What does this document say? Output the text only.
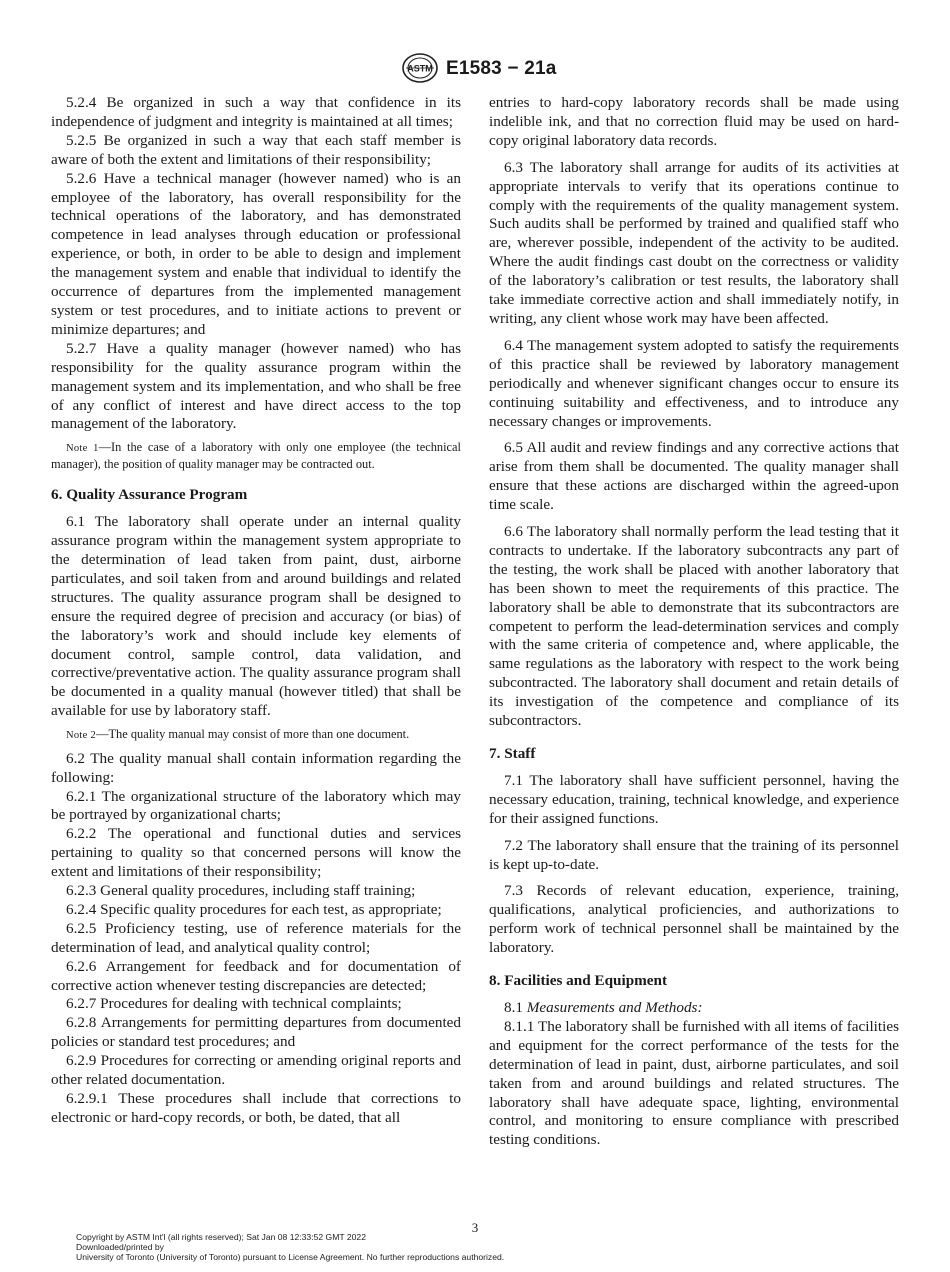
ASTM E1583 − 21a

5.2.4 Be organized in such a way that confidence in its independence of judgment and integrity is maintained at all times;

5.2.5 Be organized in such a way that each staff member is aware of both the extent and limitations of their responsibility;

5.2.6 Have a technical manager (however named) who is an employee of the laboratory, has overall responsibility for the technical operations of the laboratory, and has demonstrated competence in lead analyses through education or professional experience, or both, in order to be able to design and implement the management system and enable that individual to identify the occurrence of departures from the implemented management system or test procedures, and to initiate actions to prevent or minimize departures; and

5.2.7 Have a quality manager (however named) who has responsibility for the quality assurance program within the management system and its implementation, and who shall be free of any conflict of interest and have direct access to the top management of the laboratory.

Note 1—In the case of a laboratory with only one employee (the technical manager), the position of quality manager may be contracted out.

6. Quality Assurance Program

6.1 The laboratory shall operate under an internal quality assurance program within the management system appropriate to the determination of lead taken from paint, dust, airborne particulates, and soil taken from and around buildings and related structures. The quality assurance program shall be designed to ensure the required degree of precision and accuracy (or bias) of the laboratory’s work and should include key elements of document control, sample control, data validation, and corrective/preventative action. The quality assurance program shall be documented in a quality manual (however titled) that shall be available for use by laboratory staff.

Note 2—The quality manual may consist of more than one document.

6.2 The quality manual shall contain information regarding the following:

6.2.1 The organizational structure of the laboratory which may be portrayed by organizational charts;

6.2.2 The operational and functional duties and services pertaining to quality so that concerned persons will know the extent and limitations of their responsibility;

6.2.3 General quality procedures, including staff training;

6.2.4 Specific quality procedures for each test, as appropriate;

6.2.5 Proficiency testing, use of reference materials for the determination of lead, and analytical quality control;

6.2.6 Arrangement for feedback and for documentation of corrective action whenever testing discrepancies are detected;

6.2.7 Procedures for dealing with technical complaints;

6.2.8 Arrangements for permitting departures from documented policies or standard test procedures; and

6.2.9 Procedures for correcting or amending original reports and other related documentation.

6.2.9.1 These procedures shall include that corrections to electronic or hard-copy records, or both, be dated, that all

entries to hard-copy laboratory records shall be made using indelible ink, and that no correction fluid may be used on hard-copy original laboratory data records.

6.3 The laboratory shall arrange for audits of its activities at appropriate intervals to verify that its operations continue to comply with the requirements of the quality management system. Such audits shall be performed by trained and qualified staff who are, wherever possible, independent of the activity to be audited. Where the audit findings cast doubt on the correctness or validity of the laboratory’s calibration or test results, the laboratory shall take immediate corrective action and shall immediately notify, in writing, any client whose work may have been affected.

6.4 The management system adopted to satisfy the requirements of this practice shall be reviewed by laboratory management periodically and whenever significant changes occur to ensure its continuing suitability and effectiveness, and to introduce any necessary changes or improvements.

6.5 All audit and review findings and any corrective actions that arise from them shall be documented. The quality manager shall ensure that these actions are discharged within the agreed-upon time scale.

6.6 The laboratory shall normally perform the lead testing that it contracts to undertake. If the laboratory subcontracts any part of the testing, the work shall be placed with another laboratory that has been shown to meet the requirements of this practice. The laboratory shall be able to demonstrate that its subcontractors are competent to perform the lead-determination services and comply with the same criteria of competence and, where applicable, the same regulations as the laboratory with respect to the work being subcontracted. The laboratory shall document and retain details of its investigation of the competence and compliance of its subcontractors.

7. Staff

7.1 The laboratory shall have sufficient personnel, having the necessary education, training, technical knowledge, and experience for their assigned functions.

7.2 The laboratory shall ensure that the training of its personnel is kept up-to-date.

7.3 Records of relevant education, experience, training, qualifications, analytical proficiencies, and authorizations to perform work of technical personnel shall be maintained by the laboratory.

8. Facilities and Equipment

8.1 Measurements and Methods:

8.1.1 The laboratory shall be furnished with all items of facilities and equipment for the correct performance of the tests for the determination of lead in paint, dust, airborne particulates, and soil taken from and around buildings and related structures. The laboratory shall have adequate space, lighting, environmental control, and monitoring to ensure compliance with prescribed testing conditions.

3
Copyright by ASTM Int'l (all rights reserved); Sat Jan 08 12:33:52 GMT 2022
Downloaded/printed by
University of Toronto (University of Toronto) pursuant to License Agreement. No further reproductions authorized.
